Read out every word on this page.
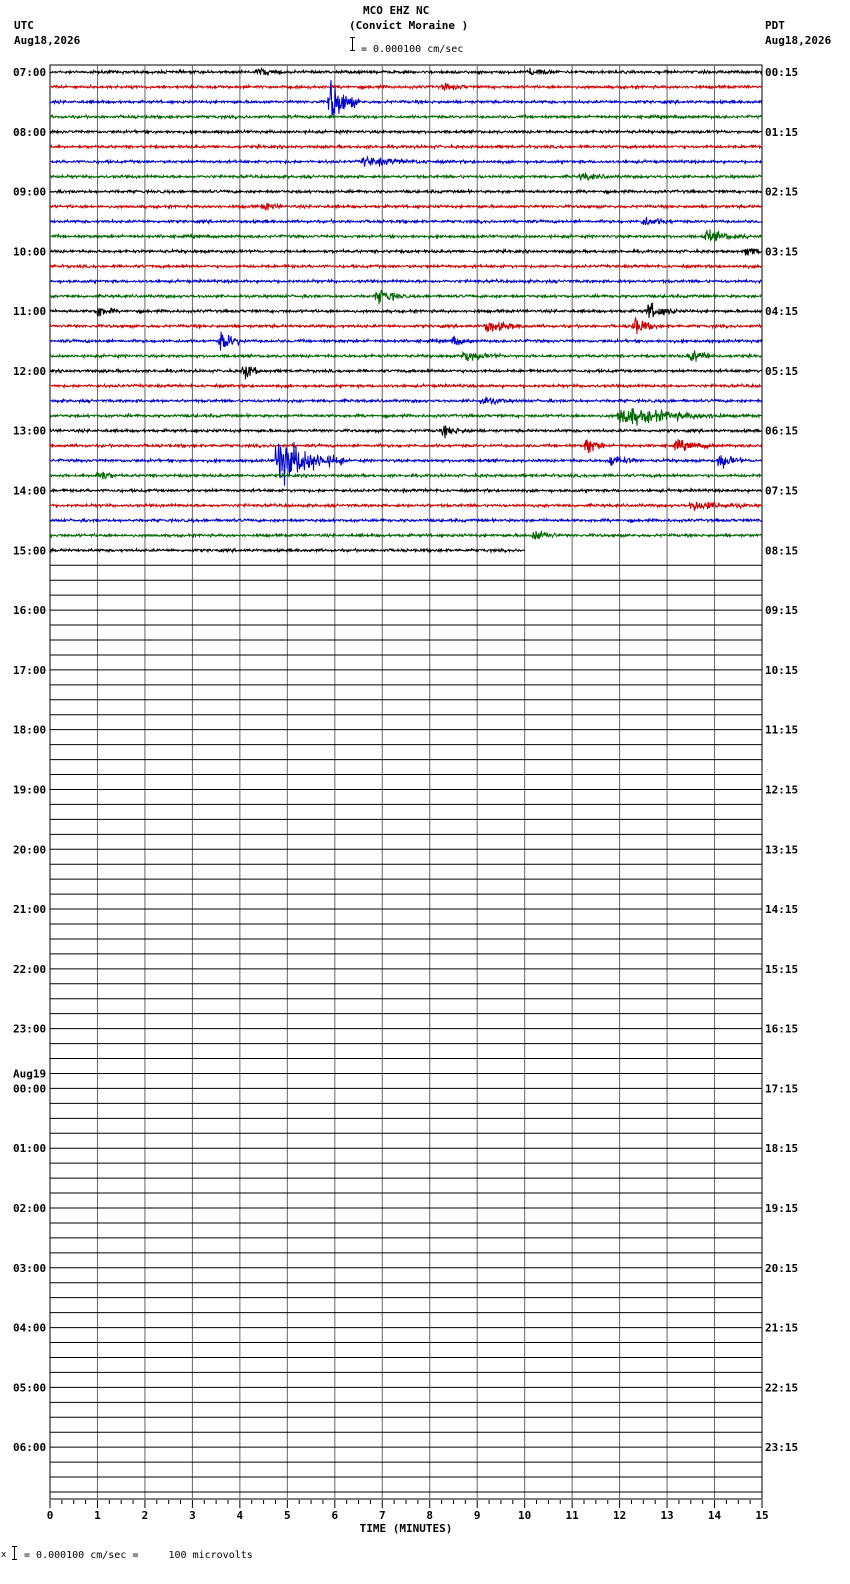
MCO EHZ NC
(Convict Moraine )
= 0.000100 cm/sec
UTC
Aug18,2026
PDT
Aug18,2026
07:00	00:15
08:00	01:15
09:00	02:15
10:00	03:15
11:00	04:15
12:00	05:15
13:00	06:15
14:00	07:15
15:00	08:15
16:00	09:15
17:00	10:15
18:00	11:15
19:00	12:15
20:00	13:15
21:00	14:15
22:00	15:15
23:00	16:15
00:00	17:15
01:00	18:15
02:00	19:15
03:00	20:15
04:00	21:15
05:00	22:15
06:00	23:15
Aug19
0	1	2	3	4	5	6	7	8	9	10	11	12	13	14	15
TIME (MINUTES)
x = 0.000100 cm/sec =     100 microvolts
